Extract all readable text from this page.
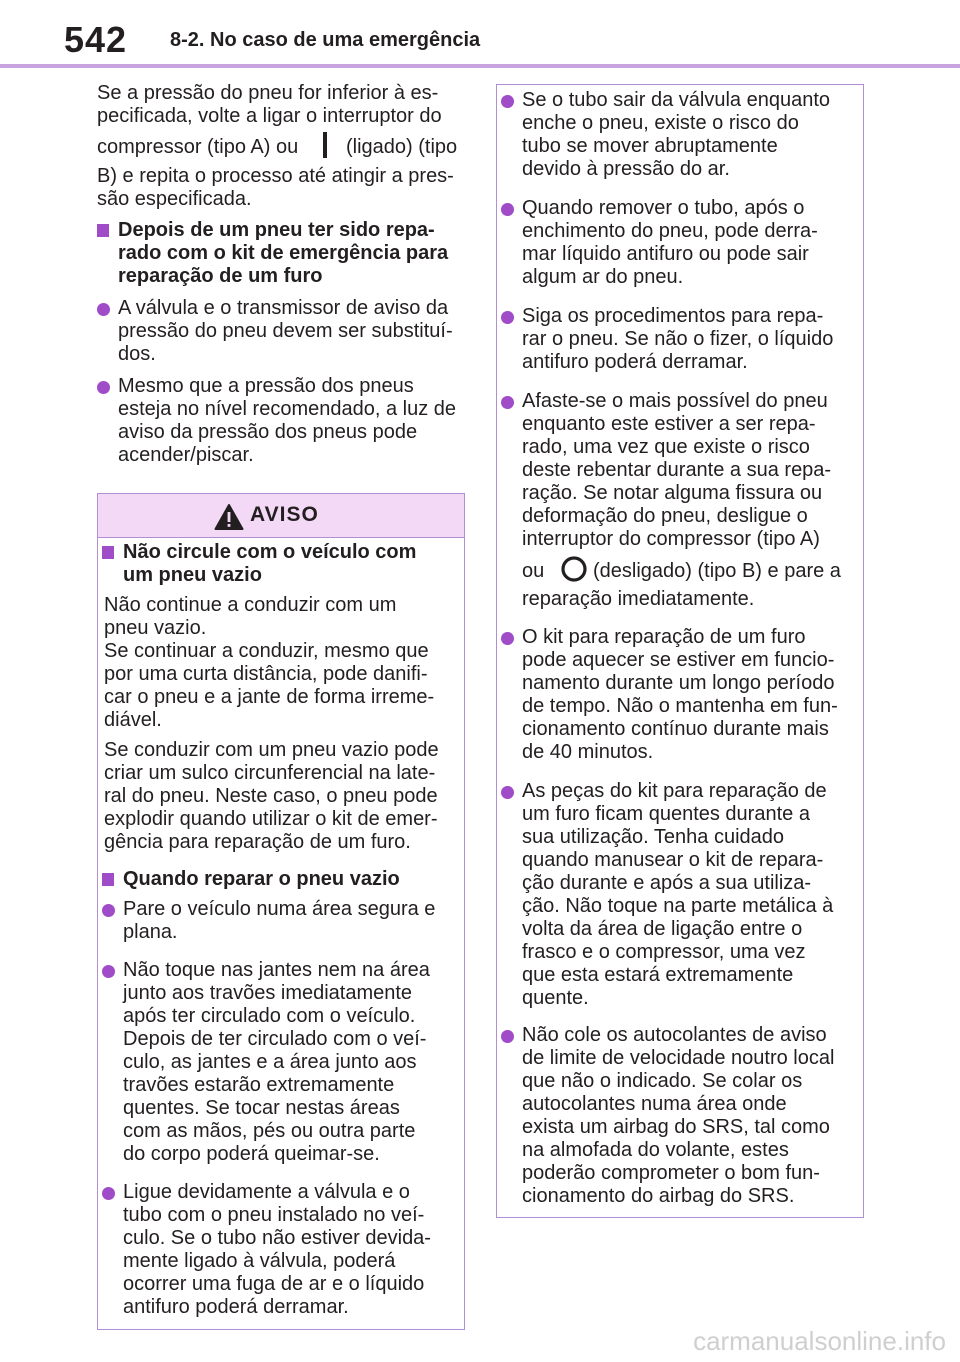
542 8-2. No caso de uma emergência
Se a pressão do pneu for inferior à es-
pecificada, volte a ligar o interruptor do
compressor (tipo A) ou (ligado) (tipo
B) e repita o processo até atingir a pres-
são especificada.
Depois de um pneu ter sido repa-
rado com o kit de emergência para
reparação de um furo
A válvula e o transmissor de aviso da
pressão do pneu devem ser substituí-
dos.
Mesmo que a pressão dos pneus
esteja no nível recomendado, a luz de
aviso da pressão dos pneus pode
acender/piscar.
AVISO
Não circule com o veículo com
um pneu vazio
Não continue a conduzir com um
pneu vazio.
Se continuar a conduzir, mesmo que
por uma curta distância, pode danifi-
car o pneu e a jante de forma irreme-
diável.
Se conduzir com um pneu vazio pode
criar um sulco circunferencial na late-
ral do pneu. Neste caso, o pneu pode
explodir quando utilizar o kit de emer-
gência para reparação de um furo.
Quando reparar o pneu vazio
Pare o veículo numa área segura e
plana.
Não toque nas jantes nem na área
junto aos travões imediatamente
após ter circulado com o veículo.
Depois de ter circulado com o veí-
culo, as jantes e a área junto aos
travões estarão extremamente
quentes. Se tocar nestas áreas
com as mãos, pés ou outra parte
do corpo poderá queimar-se.
Ligue devidamente a válvula e o
tubo com o pneu instalado no veí-
culo. Se o tubo não estiver devida-
mente ligado à válvula, poderá
ocorrer uma fuga de ar e o líquido
antifuro poderá derramar.
Se o tubo sair da válvula enquanto
enche o pneu, existe o risco do
tubo se mover abruptamente
devido à pressão do ar.
Quando remover o tubo, após o
enchimento do pneu, pode derra-
mar líquido antifuro ou pode sair
algum ar do pneu.
Siga os procedimentos para repa-
rar o pneu. Se não o fizer, o líquido
antifuro poderá derramar.
Afaste-se o mais possível do pneu
enquanto este estiver a ser repa-
rado, uma vez que existe o risco
deste rebentar durante a sua repa-
ração. Se notar alguma fissura ou
deformação do pneu, desligue o
interruptor do compressor (tipo A)
ou (desligado) (tipo B) e pare a
reparação imediatamente.
O kit para reparação de um furo
pode aquecer se estiver em funcio-
namento durante um longo período
de tempo. Não o mantenha em fun-
cionamento contínuo durante mais
de 40 minutos.
As peças do kit para reparação de
um furo ficam quentes durante a
sua utilização. Tenha cuidado
quando manusear o kit de repara-
ção durante e após a sua utiliza-
ção. Não toque na parte metálica à
volta da área de ligação entre o
frasco e o compressor, uma vez
que esta estará extremamente
quente.
Não cole os autocolantes de aviso
de limite de velocidade noutro local
que não o indicado. Se colar os
autocolantes numa área onde
exista um airbag do SRS, tal como
na almofada do volante, estes
poderão comprometer o bom fun-
cionamento do airbag do SRS.
carmanualsonline.info
